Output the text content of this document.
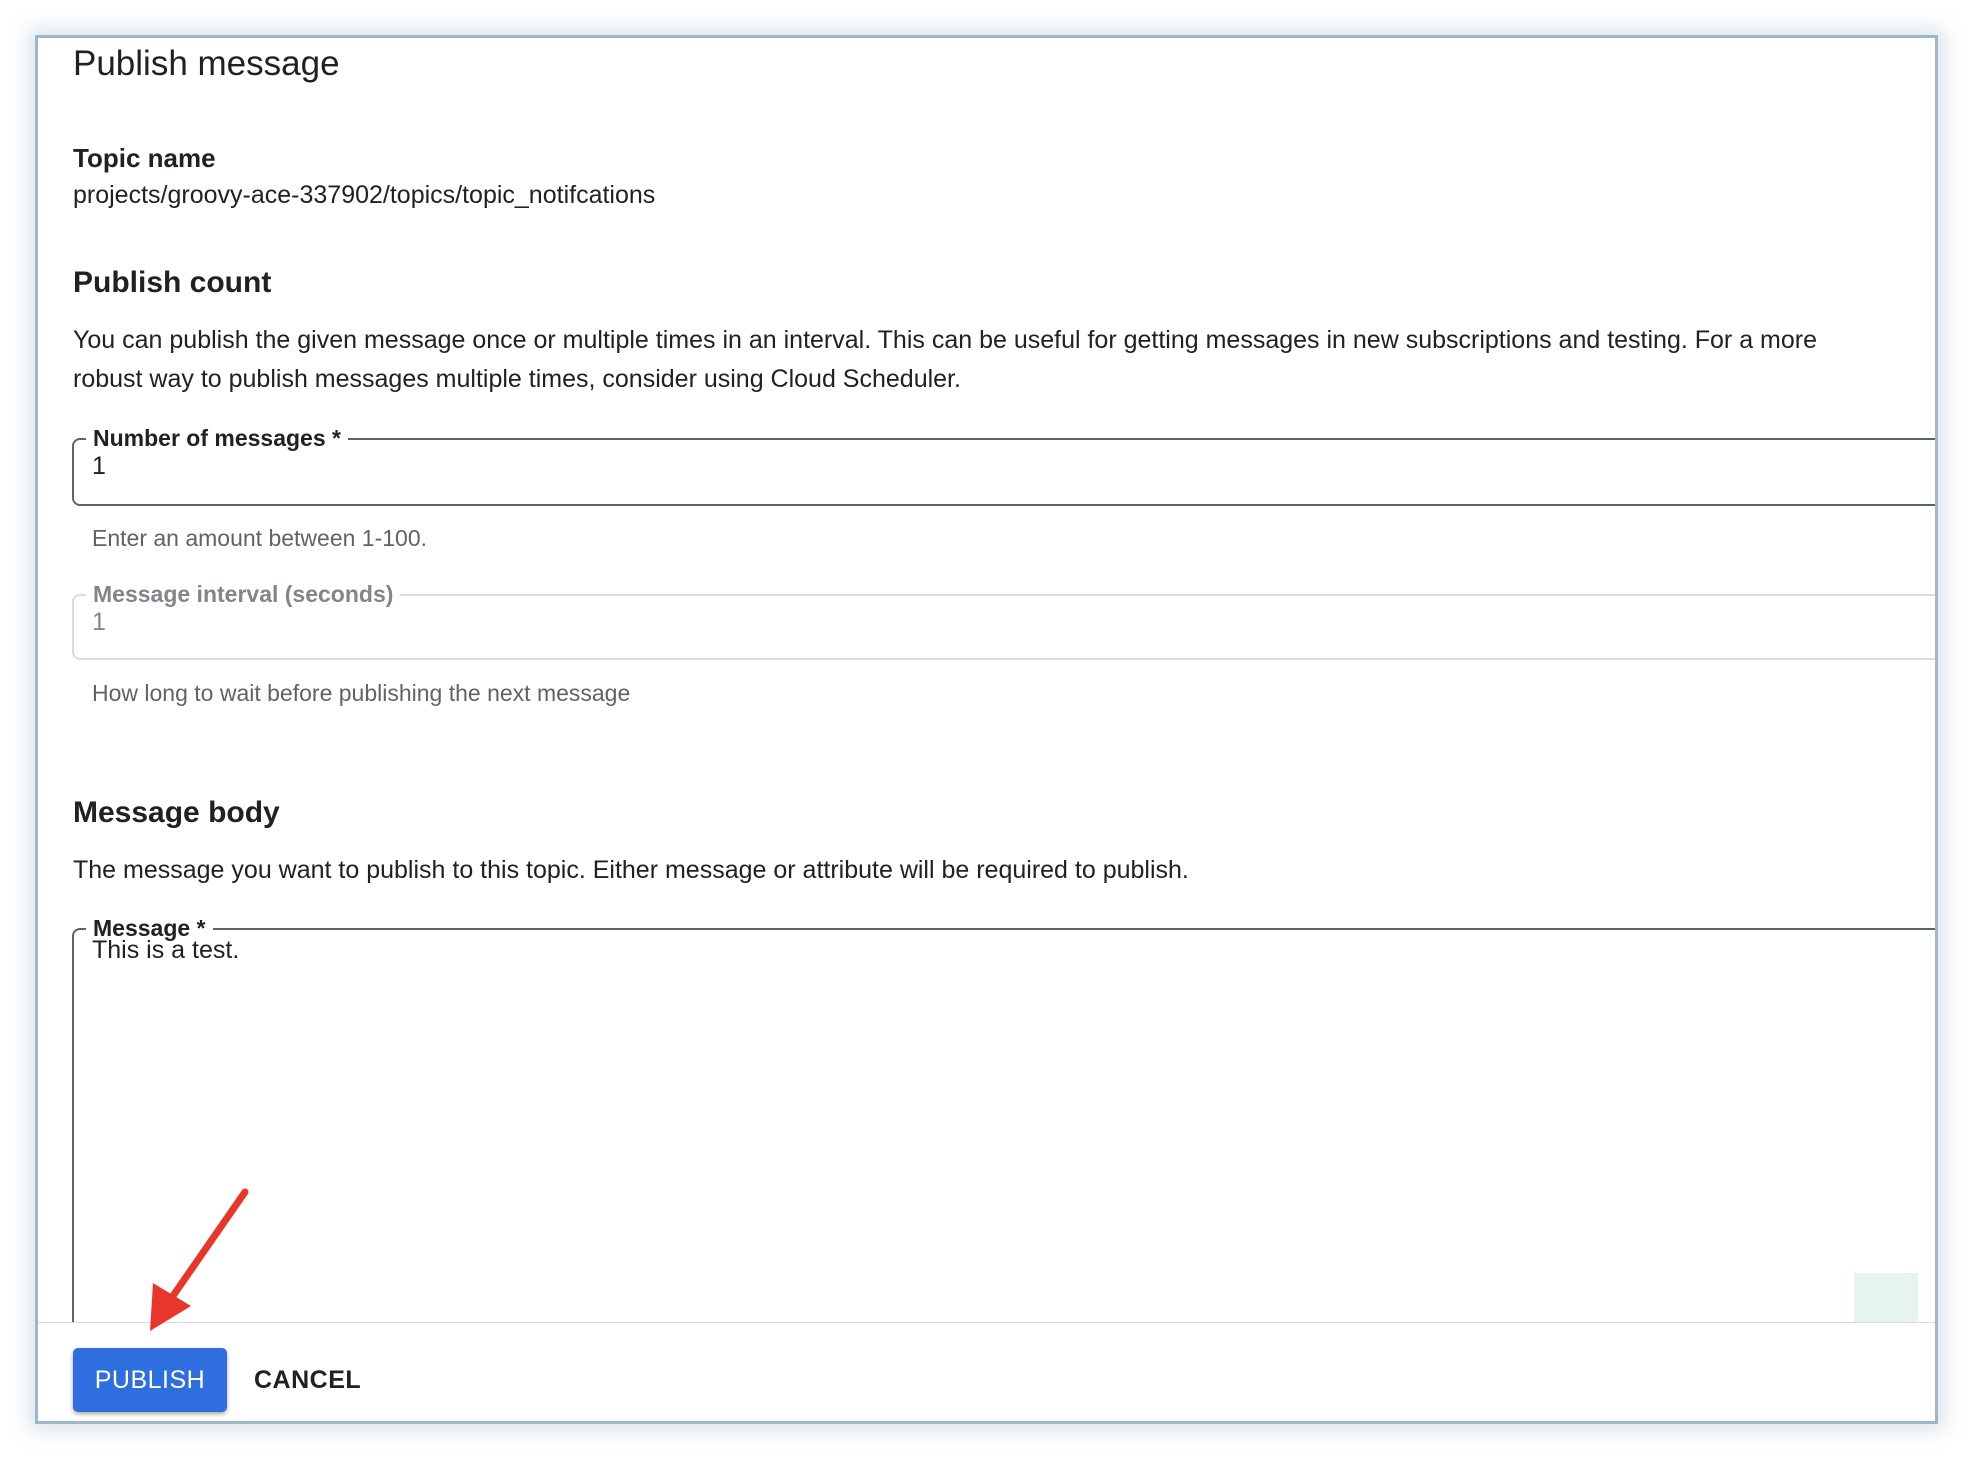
Publish message
Topic name
projects/groovy-ace-337902/topics/topic_notifcations
Publish count
You can publish the given message once or multiple times in an interval. This can be useful for getting messages in new subscriptions and testing. For a more
robust way to publish messages multiple times, consider using Cloud Scheduler.
Number of messages *
1
Enter an amount between 1-100.
Message interval (seconds)
1
How long to wait before publishing the next message
Message body
The message you want to publish to this topic. Either message or attribute will be required to publish.
Message *
This is a test.
PUBLISH	CANCEL
